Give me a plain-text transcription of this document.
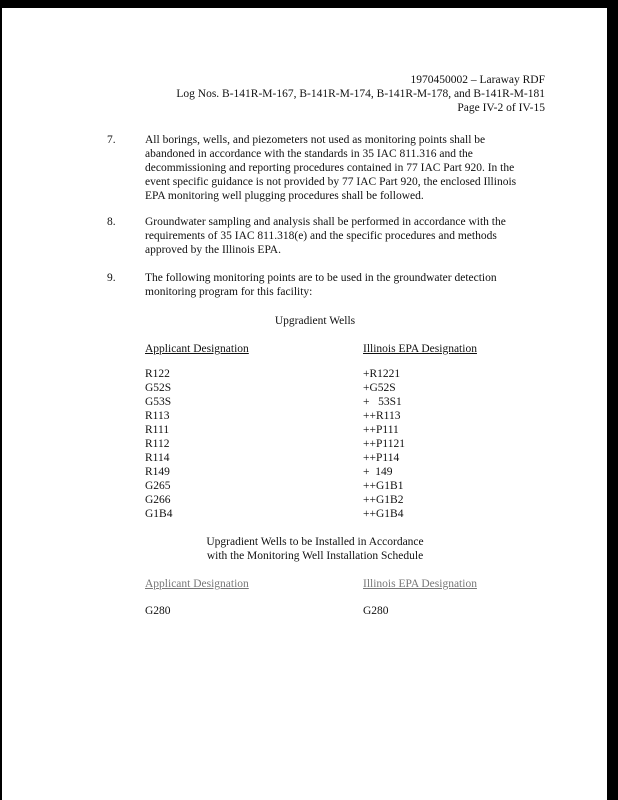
1970450002 – Laraway RDF
Log Nos. B-141R-M-167, B-141R-M-174, B-141R-M-178, and B-141R-M-181
Page IV-2 of IV-15
7.	All borings, wells, and piezometers not used as monitoring points shall be
abandoned in accordance with the standards in 35 IAC 811.316 and the
decommissioning and reporting procedures contained in 77 IAC Part 920. In the
event specific guidance is not provided by 77 IAC Part 920, the enclosed Illinois
EPA monitoring well plugging procedures shall be followed.
8.	Groundwater sampling and analysis shall be performed in accordance with the
requirements of 35 IAC 811.318(e) and the specific procedures and methods
approved by the Illinois EPA.
9.	The following monitoring points are to be used in the groundwater detection
monitoring program for this facility:
Upgradient Wells
Applicant Designation	Illinois EPA Designation
R122	+R1221
G52S	+G52S
G53S	+   53S1
R113	++R113
R111	++P111
R112	++P1121
R114	++P114
R149	+  149
G265	++G1B1
G266	++G1B2
G1B4	++G1B4
Upgradient Wells to be Installed in Accordance
with the Monitoring Well Installation Schedule
Applicant Designation	Illinois EPA Designation
G280	G280
